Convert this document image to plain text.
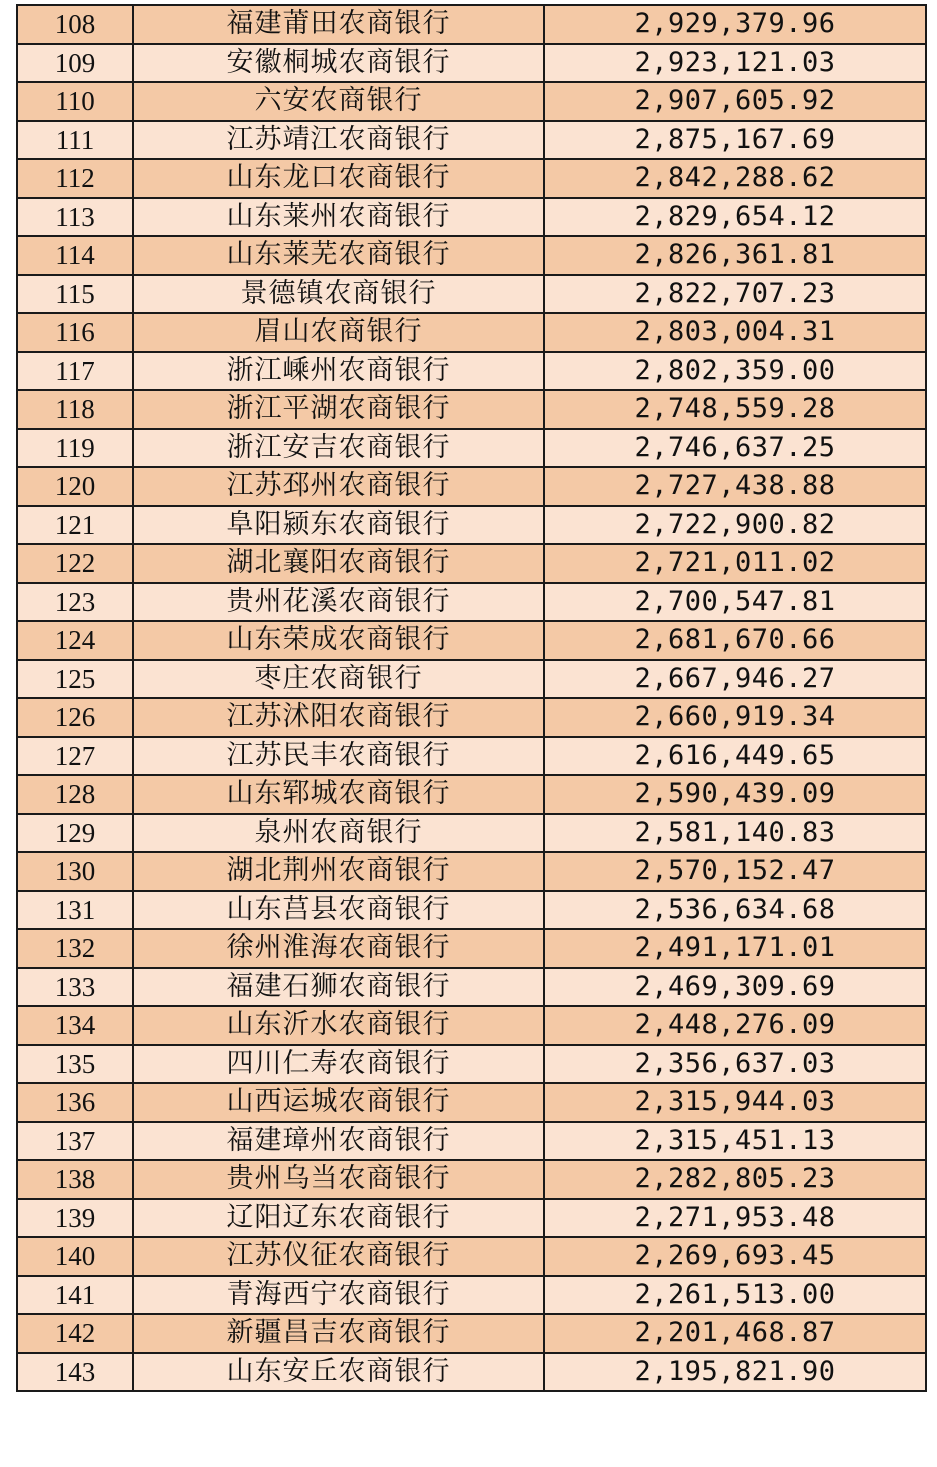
108	福建莆田农商银行	2,929,379.96
109	安徽桐城农商银行	2,923,121.03
110	六安农商银行	2,907,605.92
111	江苏靖江农商银行	2,875,167.69
112	山东龙口农商银行	2,842,288.62
113	山东莱州农商银行	2,829,654.12
114	山东莱芜农商银行	2,826,361.81
115	景德镇农商银行	2,822,707.23
116	眉山农商银行	2,803,004.31
117	浙江嵊州农商银行	2,802,359.00
118	浙江平湖农商银行	2,748,559.28
119	浙江安吉农商银行	2,746,637.25
120	江苏邳州农商银行	2,727,438.88
121	阜阳颍东农商银行	2,722,900.82
122	湖北襄阳农商银行	2,721,011.02
123	贵州花溪农商银行	2,700,547.81
124	山东荣成农商银行	2,681,670.66
125	枣庄农商银行	2,667,946.27
126	江苏沭阳农商银行	2,660,919.34
127	江苏民丰农商银行	2,616,449.65
128	山东郓城农商银行	2,590,439.09
129	泉州农商银行	2,581,140.83
130	湖北荆州农商银行	2,570,152.47
131	山东莒县农商银行	2,536,634.68
132	徐州淮海农商银行	2,491,171.01
133	福建石狮农商银行	2,469,309.69
134	山东沂水农商银行	2,448,276.09
135	四川仁寿农商银行	2,356,637.03
136	山西运城农商银行	2,315,944.03
137	福建璋州农商银行	2,315,451.13
138	贵州乌当农商银行	2,282,805.23
139	辽阳辽东农商银行	2,271,953.48
140	江苏仪征农商银行	2,269,693.45
141	青海西宁农商银行	2,261,513.00
142	新疆昌吉农商银行	2,201,468.87
143	山东安丘农商银行	2,195,821.90
